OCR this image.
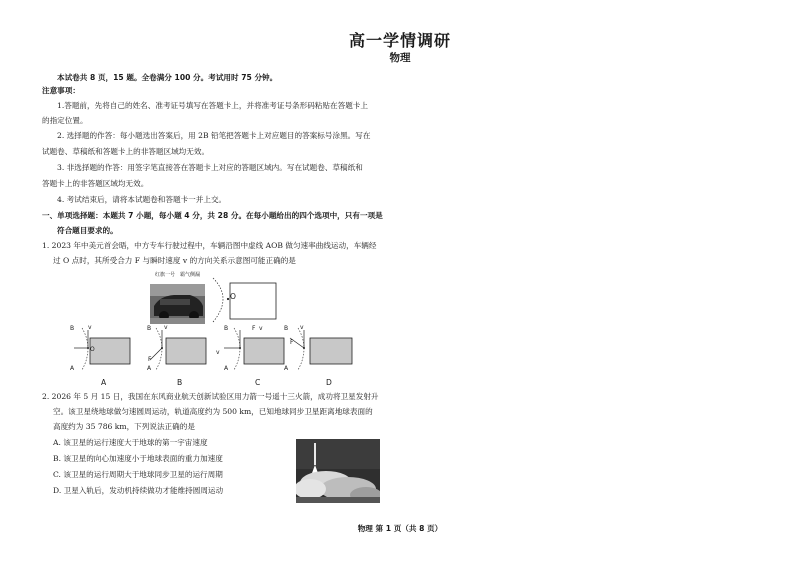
高一学情调研
物理
本试卷共 8 页，15 题。全卷满分 100 分。考试用时 75 分钟。
注意事项：
1.答题前，先将自己的姓名、准考证号填写在答题卡上，并将准考证号条形码粘贴在答题卡上
的指定位置。
2. 选择题的作答：每小题选出答案后，用 2B 铅笔把答题卡上对应题目的答案标号涂黑。写在
试题卷、草稿纸和答题卡上的非答题区域均无效。
3. 非选择题的作答：用签字笔直接答在答题卡上对应的答题区域内。写在试题卷、草稿纸和
答题卡上的非答题区域均无效。
4. 考试结束后，请将本试题卷和答题卡一并上交。
一、单项选择题：本题共 7 小题，每小题 4 分，共 28 分。在每小题给出的四个选项中，只有一项是
符合题目要求的。
1. 2023 年中美元首会晤，中方专车行驶过程中，车辆沿图中虚线 AOB 做匀速率曲线运动，车辆经
过 O 点时，其所受合力 F 与瞬时速度 v 的方向关系示意图可能正确的是
红旗一号　霸气侧漏
O
B
A
v
O
B
A
v
F
B
A
F v
v
B
A
v
F
A	B	C	D
2. 2026 年 5 月 15 日，我国在东风商业航天创新试验区用力箭一号遥十三火箭，成功将卫星发射升
空。该卫星绕地球做匀速圆周运动，轨道高度约为 500 km，已知地球同步卫星距离地球表面的
高度约为 35 786 km，下列说法正确的是
A. 该卫星的运行速度大于地球的第一宇宙速度
B. 该卫星的向心加速度小于地球表面的重力加速度
C. 该卫星的运行周期大于地球同步卫星的运行周期
D. 卫星入轨后，发动机持续做功才能维持圆周运动
物理 第 1 页（共 8 页）
